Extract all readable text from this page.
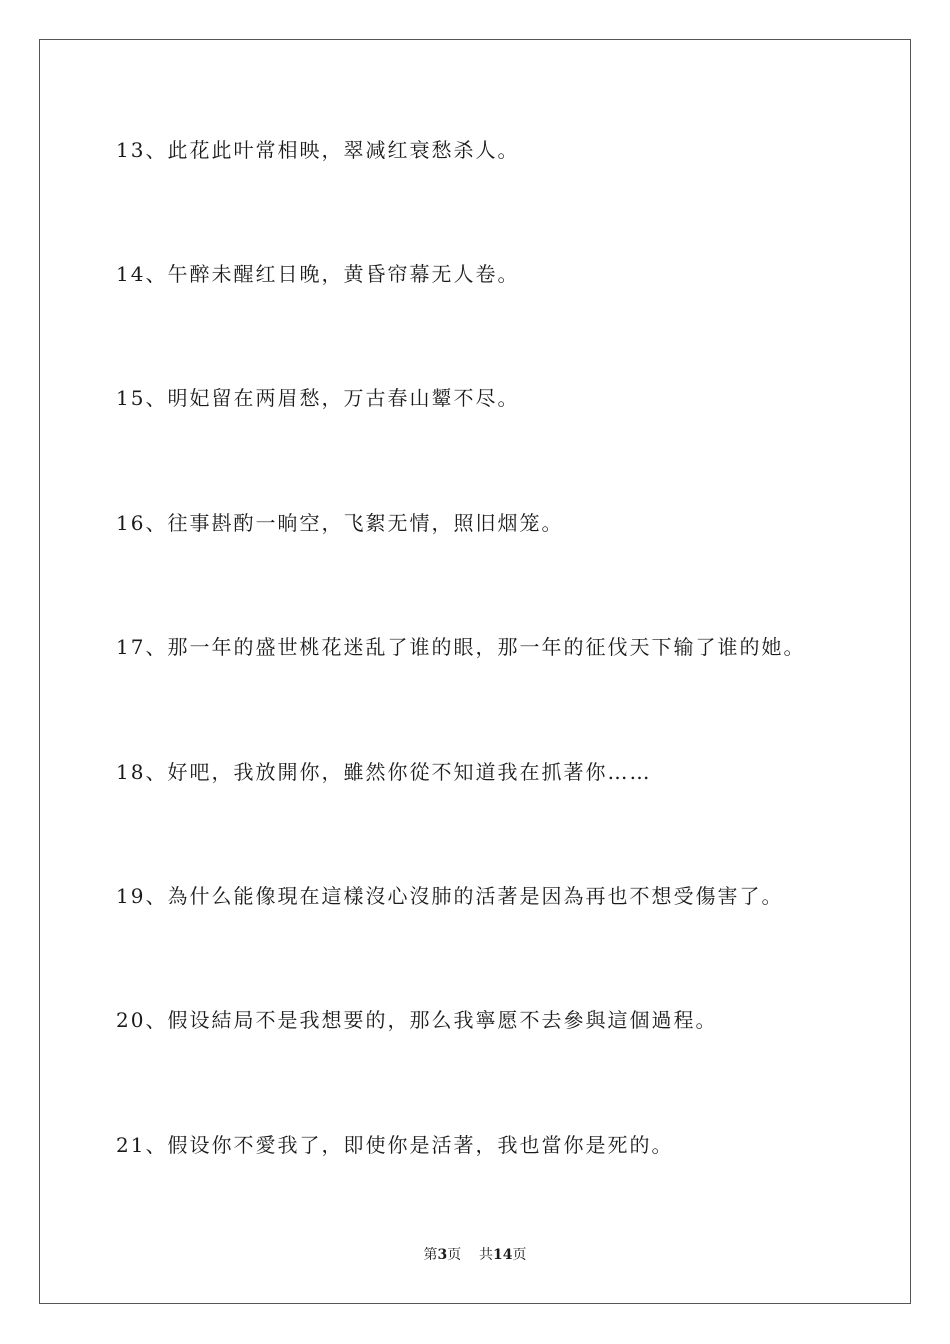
13、此花此叶常相映，翠减红衰愁杀人。
14、午醉未醒红日晚，黄昏帘幕无人卷。
15、明妃留在两眉愁，万古春山颦不尽。
16、往事斟酌一晌空，飞絮无情，照旧烟笼。
17、那一年的盛世桃花迷乱了谁的眼，那一年的征伐天下输了谁的她。
18、好吧，我放開你，雖然你從不知道我在抓著你……
19、為什么能像現在這樣沒心沒肺的活著是因為再也不想受傷害了。
20、假设結局不是我想要的，那么我寧愿不去參與這個過程。
21、假设你不愛我了，即使你是活著，我也當你是死的。
第3页 共14页
